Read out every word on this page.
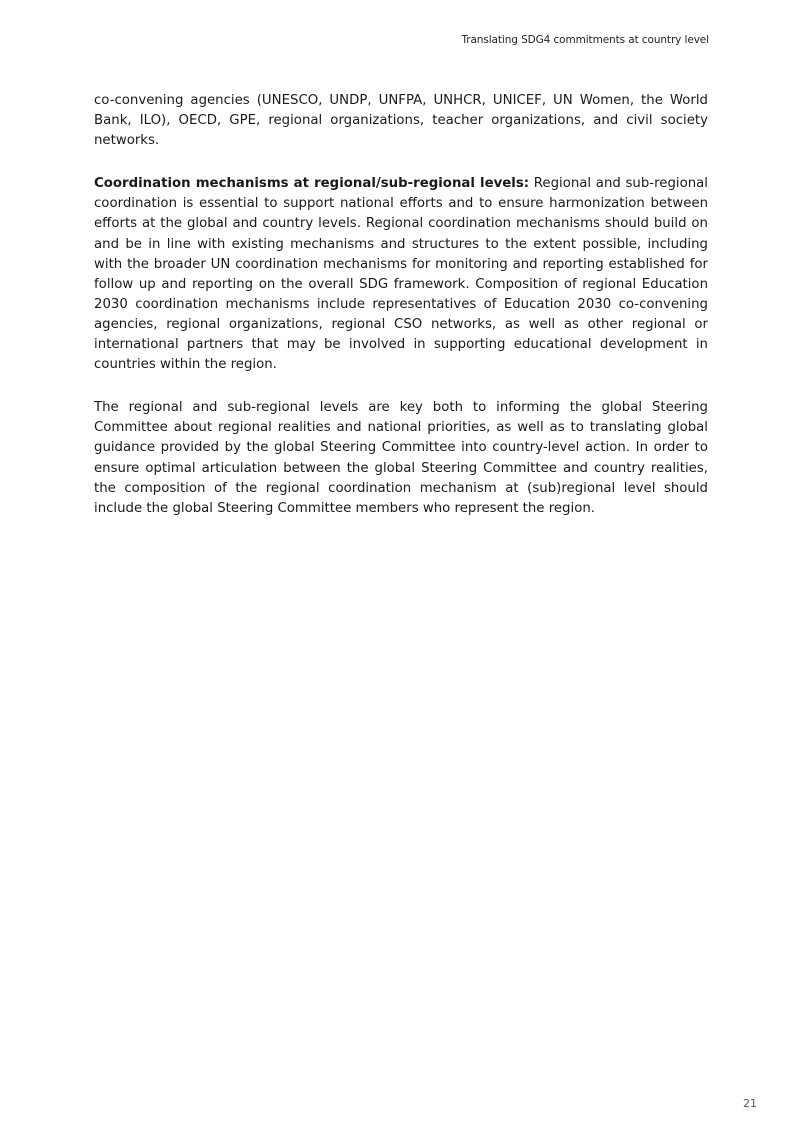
Translating SDG4 commitments at country level

co-convening agencies (UNESCO, UNDP, UNFPA, UNHCR, UNICEF, UN Women, the World Bank, ILO), OECD, GPE, regional organizations, teacher organizations, and civil society networks.

Coordination mechanisms at regional/sub-regional levels: Regional and sub-regional coordination is essential to support national efforts and to ensure harmonization between efforts at the global and country levels. Regional coordination mechanisms should build on and be in line with existing mechanisms and structures to the extent possible, including with the broader UN coordination mechanisms for monitoring and reporting established for follow up and reporting on the overall SDG framework. Composition of regional Education 2030 coordination mechanisms include representatives of Education 2030 co-convening agencies, regional organizations, regional CSO networks, as well as other regional or international partners that may be involved in supporting educational development in countries within the region.

The regional and sub-regional levels are key both to informing the global Steering Committee about regional realities and national priorities, as well as to translating global guidance provided by the global Steering Committee into country-level action. In order to ensure optimal articulation between the global Steering Committee and country realities, the composition of the regional coordination mechanism at (sub)regional level should include the global Steering Committee members who represent the region.

21
